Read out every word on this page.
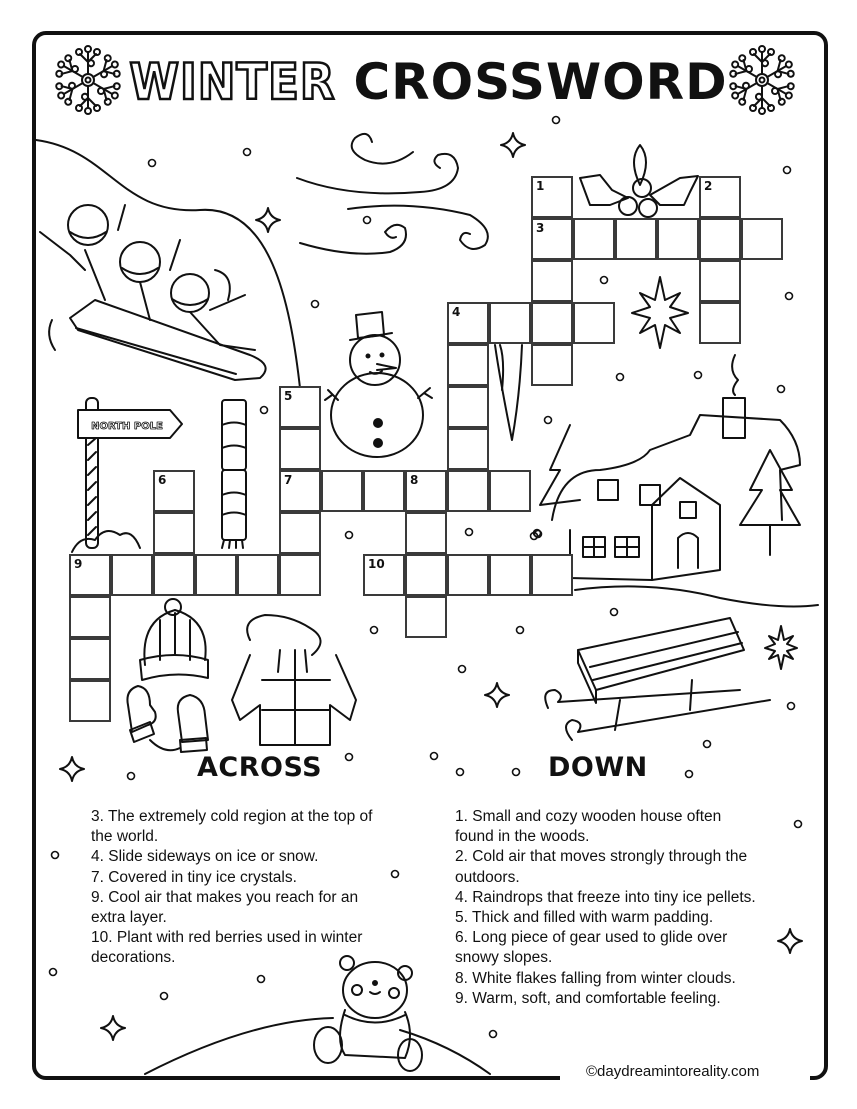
WINTER CROSSWORD
NORTH POLE
1
3
2
4
5
7
6	8
9	10
ACROSS	DOWN
3. The extremely cold region at the top of
the world.
4. Slide sideways on ice or snow.
7. Covered in tiny ice crystals.
9. Cool air that makes you reach for an
extra layer.
10. Plant with red berries used in winter
decorations.
1. Small and cozy wooden house often
found in the woods.
2. Cold air that moves strongly through the
outdoors.
4. Raindrops that freeze into tiny ice pellets.
5. Thick and filled with warm padding.
6. Long piece of gear used to glide over
snowy slopes.
8. White flakes falling from winter clouds.
9. Warm, soft, and comfortable feeling.
©daydreamintoreality.com
